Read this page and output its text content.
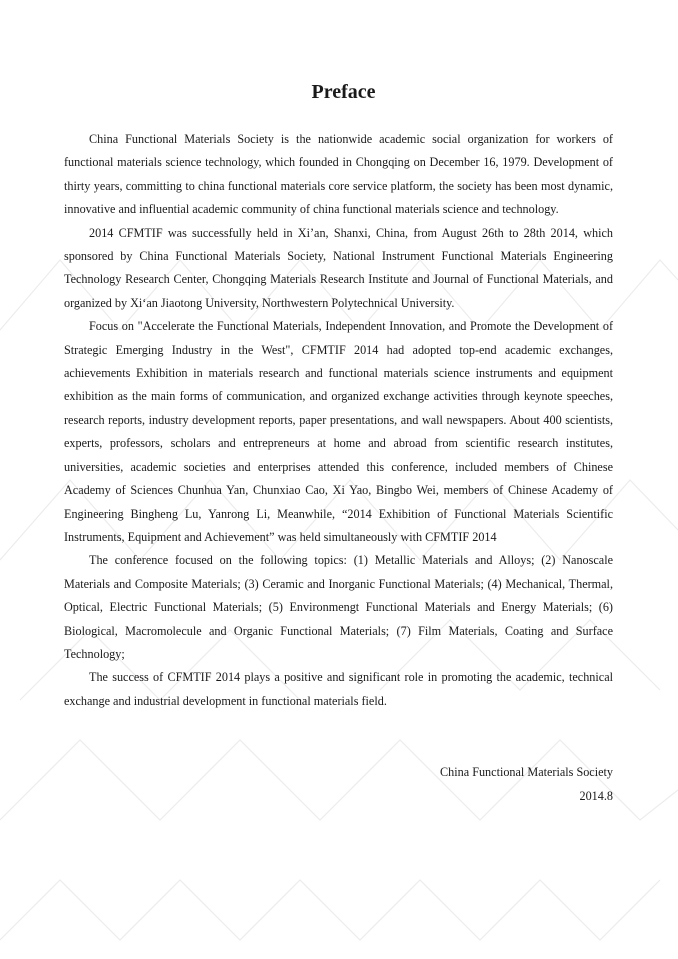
Preface

China Functional Materials Society is the nationwide academic social organization for workers of functional materials science technology, which founded in Chongqing on December 16, 1979. Development of thirty years, committing to china functional materials core service platform, the society has been most dynamic, innovative and influential academic community of china functional materials science and technology.

2014 CFMTIF was successfully held in Xi’an, Shanxi, China, from August 26th to 28th 2014, which sponsored by China Functional Materials Society, National Instrument Functional Materials Engineering Technology Research Center, Chongqing Materials Research Institute and Journal of Functional Materials, and organized by Xi‘an Jiaotong University, Northwestern Polytechnical University.

Focus on "Accelerate the Functional Materials, Independent Innovation, and Promote the Development of Strategic Emerging Industry in the West", CFMTIF 2014 had adopted top-end academic exchanges, achievements Exhibition in materials research and functional materials science instruments and equipment exhibition as the main forms of communication, and organized exchange activities through keynote speeches, research reports, industry development reports, paper presentations, and wall newspapers. About 400 scientists, experts, professors, scholars and entrepreneurs at home and abroad from scientific research institutes, universities, academic societies and enterprises attended this conference, included members of Chinese Academy of Sciences Chunhua Yan, Chunxiao Cao, Xi Yao, Bingbo Wei, members of Chinese Academy of Engineering Bingheng Lu, Yanrong Li, Meanwhile, “2014 Exhibition of Functional Materials Scientific Instruments, Equipment and Achievement” was held simultaneously with CFMTIF 2014

The conference focused on the following topics: (1) Metallic Materials and Alloys; (2) Nanoscale Materials and Composite Materials; (3) Ceramic and Inorganic Functional Materials; (4) Mechanical, Thermal, Optical, Electric Functional Materials; (5) Environmengt Functional Materials and Energy Materials; (6) Biological, Macromolecule and Organic Functional Materials; (7) Film Materials, Coating and Surface Technology;

The success of CFMTIF 2014 plays a positive and significant role in promoting the academic, technical exchange and industrial development in functional materials field.

China Functional Materials Society
2014.8
